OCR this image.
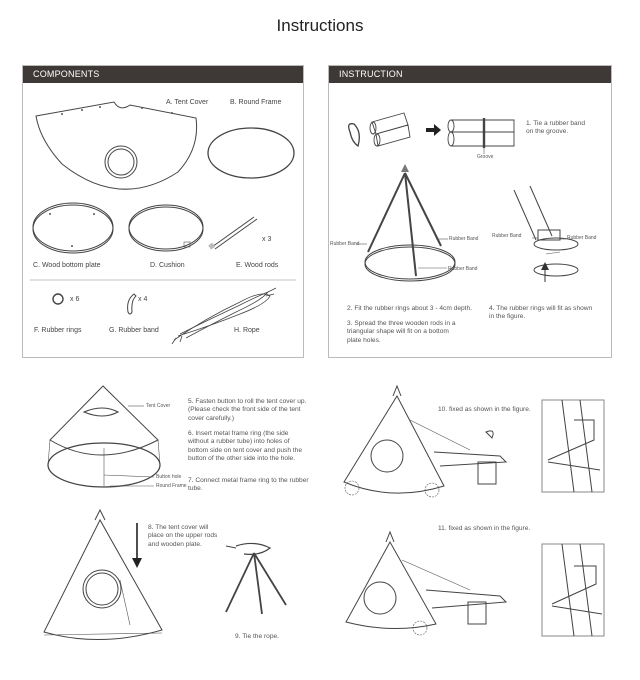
Instructions
COMPONENTS
A. Tent Cover	B. Round Frame
C. Wood bottom plate	D. Cushion	E. Wood rods
x 3
F. Rubber rings
x 6
G. Rubber band
x 4
H. Rope
INSTRUCTION
1. Tie a rubber band on the groove.
Groove
Rubber Band
Rubber Band
Rubber Band
Rubber Band	Rubber Band
2. Fit the rubber rings about 3 - 4cm depth.
3. Spread the three wooden rods in a triangular shape will fit on a bottom plate holes.
4. The rubber rings will fit as shown in the figure.
Tent Cover
Button hole
Round Frame
5. Fasten button to roll the tent cover up.(Please check the front side of the tent cover carefully.)
6. Insert metal frame ring (the side without a rubber tube) into holes of bottom side on tent cover and push the button of the other side into the hole.
7. Connect metal frame ring to the rubber tube.
8. The tent cover will place on the upper rods and wooden plate.
9. Tie the rope.
10. fixed as shown in the figure.
11. fixed as shown in the figure.
